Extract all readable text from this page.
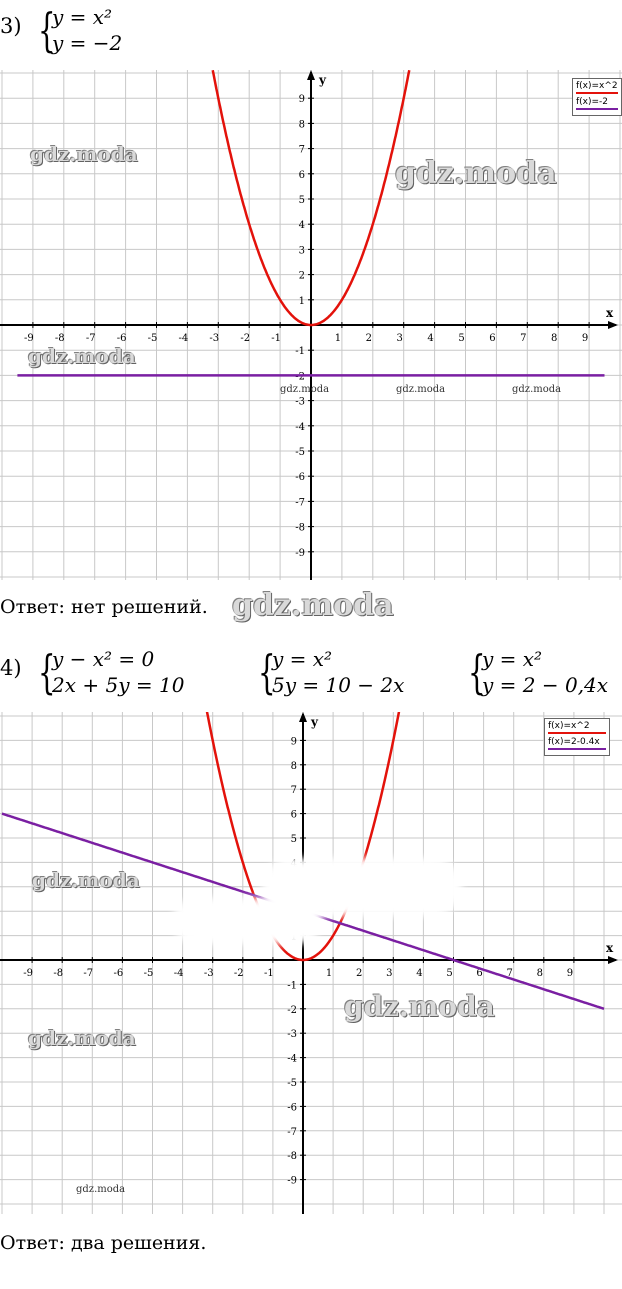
3) {
y = x²
y = −2
x
y
-9 -8 -7 -6 -5 -4 -3 -2 -1	1 2 3 4 5 6 7 8 9
9
8
7
6
5
4
3
2
1
-1
-2
-3
-4
-5
-6
-7
-8
-9
f(x)=x^2
f(x)=-2
gdz.moda
gdz.moda
gdz.moda
gdz.moda	gdz.moda	gdz.moda
Ответ: нет решений. gdz.moda
4) {
y − x² = 0
2x + 5y = 10 {
y = x²
5y = 10 − 2x {
y = x²
y = 2 − 0,4x
x
y
-9 -8 -7 -6 -5 -4 -3 -2 -1	1 2 3 4 5 6 7 8 9
9
8
7
6
5
-1
-2
-3
-4
-5
-6
-7
-8
-9
f(x)=x^2
f(x)=2-0.4x
gdz.moda
gdz.moda
gdz.moda
gdz.moda
Ответ: два решения.
